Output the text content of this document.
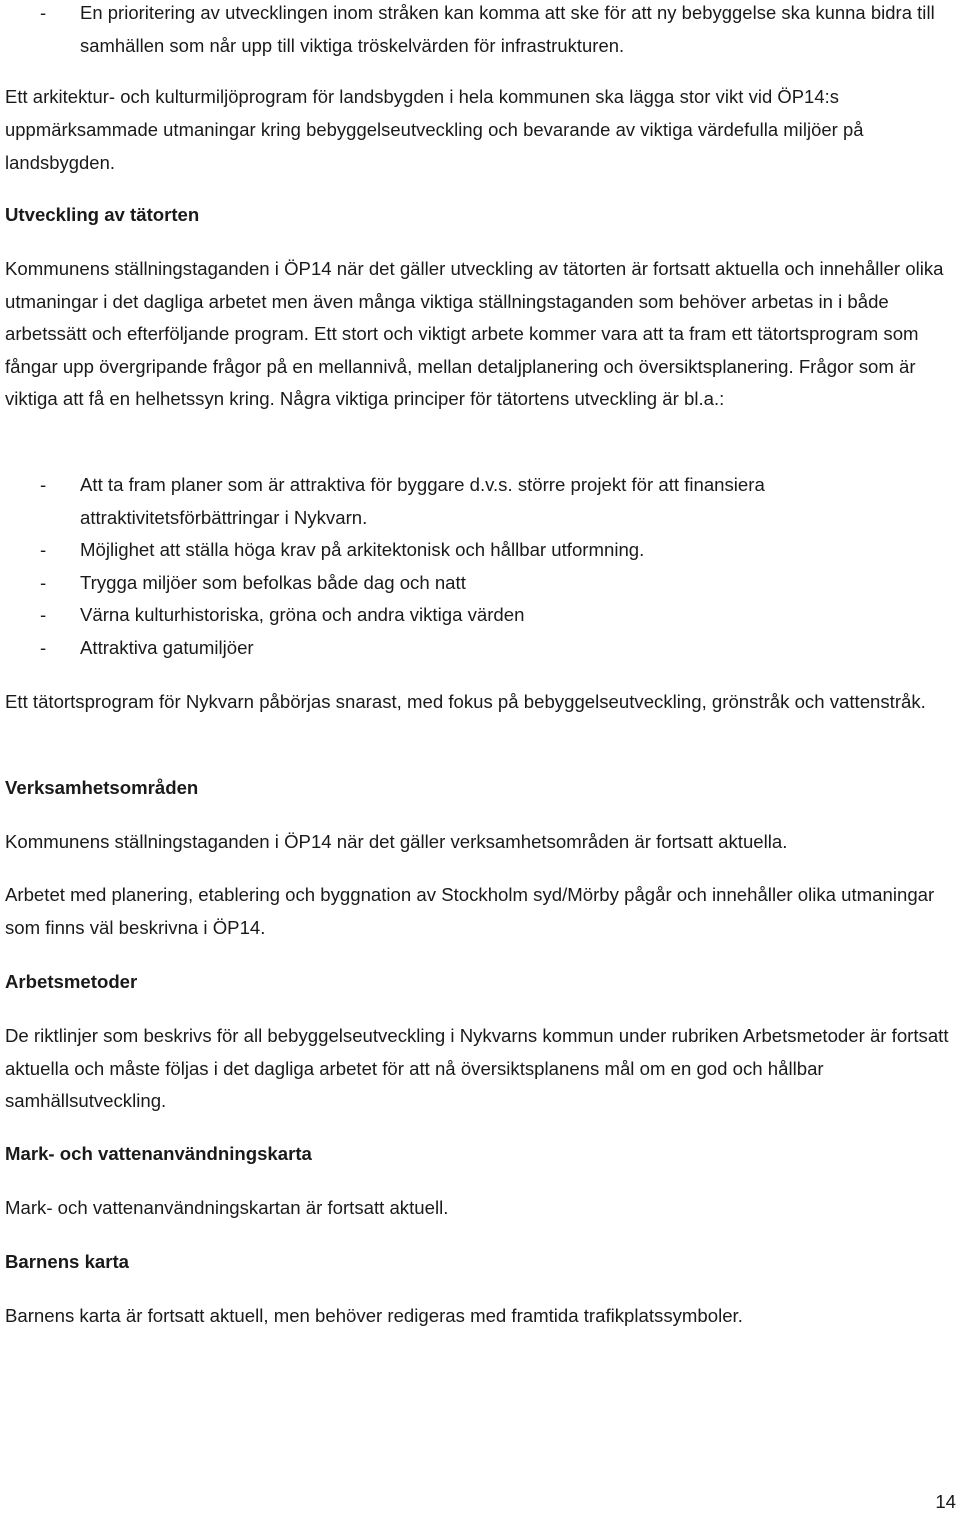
- En prioritering av utvecklingen inom stråken kan komma att ske för att ny bebyggelse ska kunna bidra till samhällen som når upp till viktiga tröskelvärden för infrastrukturen.

Ett arkitektur- och kulturmiljöprogram för landsbygden i hela kommunen ska lägga stor vikt vid ÖP14:s uppmärksammade utmaningar kring bebyggelseutveckling och bevarande av viktiga värdefulla miljöer på landsbygden.

Utveckling av tätorten

Kommunens ställningstaganden i ÖP14 när det gäller utveckling av tätorten är fortsatt aktuella och innehåller olika utmaningar i det dagliga arbetet men även många viktiga ställningstaganden som behöver arbetas in i både arbetssätt och efterföljande program. Ett stort och viktigt arbete kommer vara att ta fram ett tätortsprogram som fångar upp övergripande frågor på en mellannivå, mellan detaljplanering och översiktsplanering. Frågor som är viktiga att få en helhetssyn kring. Några viktiga principer för tätortens utveckling är bl.a.:

- Att ta fram planer som är attraktiva för byggare d.v.s. större projekt för att finansiera attraktivitetsförbättringar i Nykvarn.
- Möjlighet att ställa höga krav på arkitektonisk och hållbar utformning.
- Trygga miljöer som befolkas både dag och natt
- Värna kulturhistoriska, gröna och andra viktiga värden
- Attraktiva gatumiljöer

Ett tätortsprogram för Nykvarn påbörjas snarast, med fokus på bebyggelseutveckling, grönstråk och vattenstråk.

Verksamhetsområden

Kommunens ställningstaganden i ÖP14 när det gäller verksamhetsområden är fortsatt aktuella.

Arbetet med planering, etablering och byggnation av Stockholm syd/Mörby pågår och innehåller olika utmaningar som finns väl beskrivna i ÖP14.

Arbetsmetoder

De riktlinjer som beskrivs för all bebyggelseutveckling i Nykvarns kommun under rubriken Arbetsmetoder är fortsatt aktuella och måste följas i det dagliga arbetet för att nå översiktsplanens mål om en god och hållbar samhällsutveckling.

Mark- och vattenanvändningskarta

Mark- och vattenanvändningskartan är fortsatt aktuell.

Barnens karta

Barnens karta är fortsatt aktuell, men behöver redigeras med framtida trafikplatssymboler.

14
